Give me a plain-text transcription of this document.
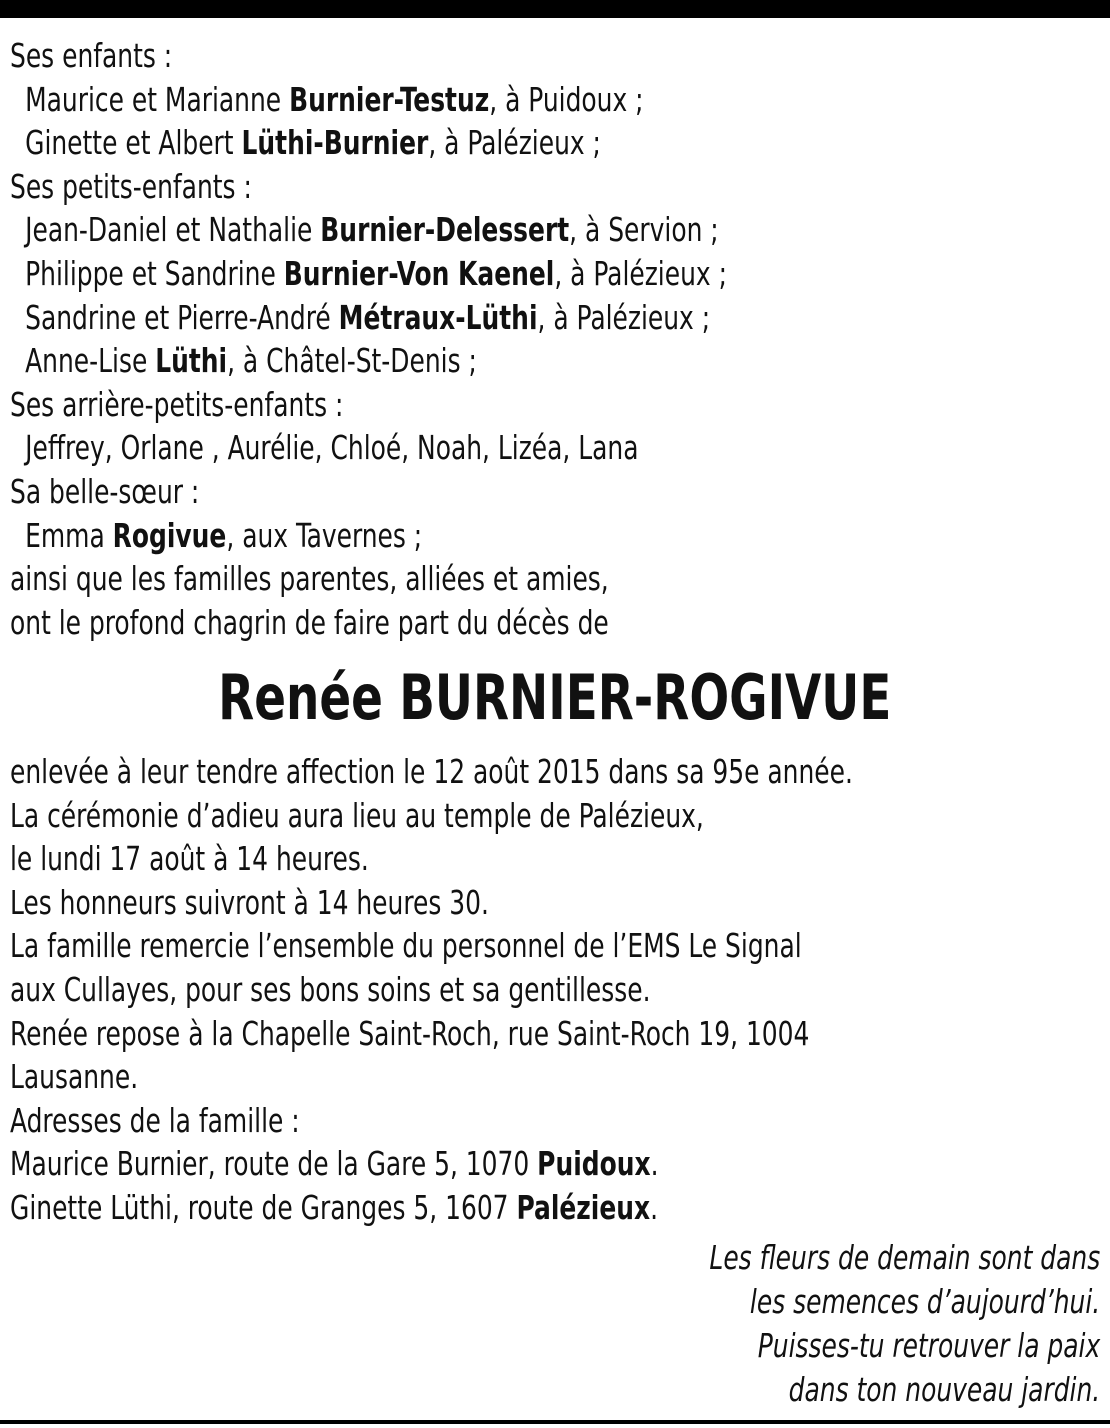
Ses enfants :
Maurice et Marianne Burnier-Testuz, à Puidoux ;
Ginette et Albert Lüthi-Burnier, à Palézieux ;
Ses petits-enfants :
Jean-Daniel et Nathalie Burnier-Delessert, à Servion ;
Philippe et Sandrine Burnier-Von Kaenel, à Palézieux ;
Sandrine et Pierre-André Métraux-Lüthi, à Palézieux ;
Anne-Lise Lüthi, à Châtel-St-Denis ;
Ses arrière-petits-enfants :
Jeffrey, Orlane , Aurélie, Chloé, Noah, Lizéa, Lana
Sa belle-sœur :
Emma Rogivue, aux Tavernes ;
ainsi que les familles parentes, alliées et amies,
ont le profond chagrin de faire part du décès de
Renée BURNIER-ROGIVUE
enlevée à leur tendre affection le 12 août 2015 dans sa 95e année.
La cérémonie d’adieu aura lieu au temple de Palézieux,
le lundi 17 août à 14 heures.
Les honneurs suivront à 14 heures 30.
La famille remercie l’ensemble du personnel de l’EMS Le Signal
aux Cullayes, pour ses bons soins et sa gentillesse.
Renée repose à la Chapelle Saint-Roch, rue Saint-Roch 19, 1004
Lausanne.
Adresses de la famille :
Maurice Burnier, route de la Gare 5, 1070 Puidoux.
Ginette Lüthi, route de Granges 5, 1607 Palézieux.
Les fleurs de demain sont dans
les semences d’aujourd’hui.
Puisses-tu retrouver la paix
dans ton nouveau jardin.
